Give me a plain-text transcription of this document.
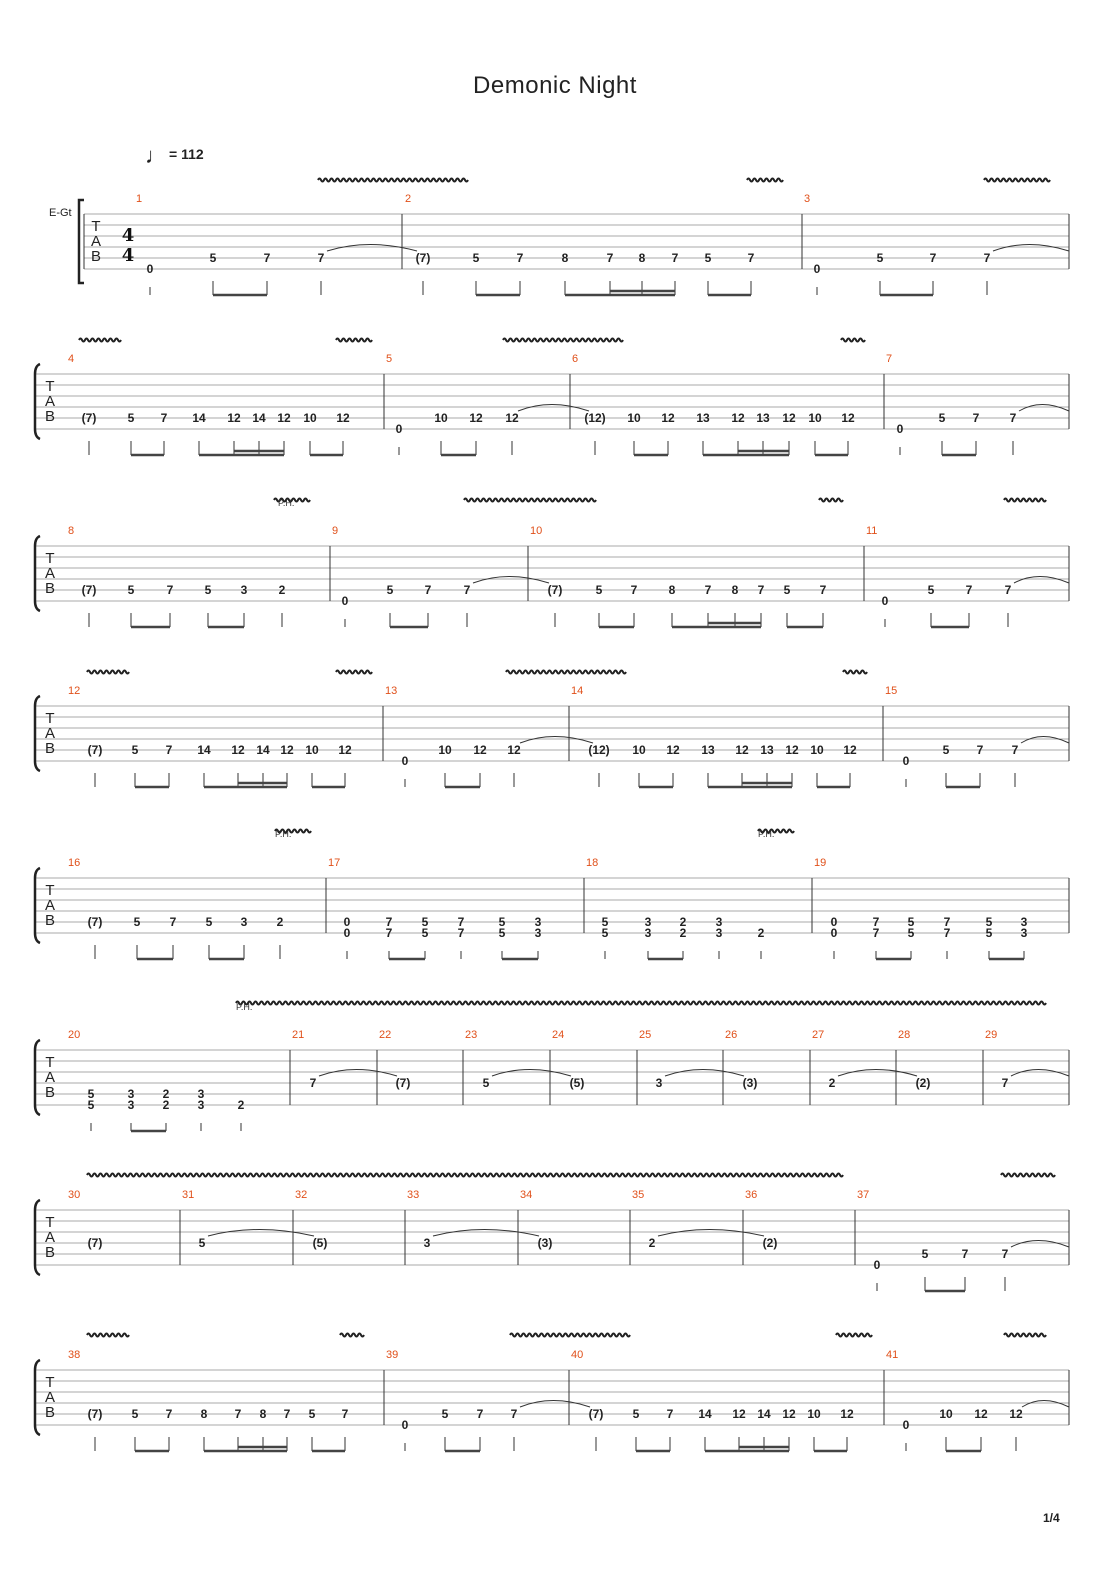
Demonic Night
♩ = 112
E-Gt
1/4
T
A
B
4
4
1
0
5	7	7
2
(7)	5	7	8	7 8 7 5	7
3
0
5	7	7
T
A
B
4
(7)	5 7 14 12 14 12 10 12
5
0
10 12 12
6
(12) 10 12 13 12 13 12 10 12
7
0
5 7	7
T
A
B
8
(7)	5	7	5 3	2
9
0
5	7	7
10
(7)	5 7	8 7 8 7 5 7
11
0
5	7	7
T
A
B
12
(7) 5 7 14 12 14 12 10 12
13
0
10 12 12
14
(12) 10 12 13 12 13 12 10 12
15
0
5 7 7
T
A
B
16
(7)	5 7 5 3 2
17
0
0
7
7
5
5
7
7
5
5
3
3
18
5
5
3
3
2
2
3
3	2
19
0
0
7
7
5
5
7
7
5
5
3
3
T
A
B
20
5
5
3
3
2
2
3
3	2
21
7
22
(7)
23
5
24
(5)
25
3
26
(3)
27
2
28
(2)
29
7
T
A
B
30
(7)
31
5
32
(5)
33
3
34
(3)
35
2
36
(2)
37
0
5	7	7
T
A
B
38
(7) 5 7 8 7 8 7 5 7
39
0
5 7 7
40
(7) 5 7 14 12 14 12 10 12
41
0
10 12 12
P.H.
P.H.	P.H.
P.H.
